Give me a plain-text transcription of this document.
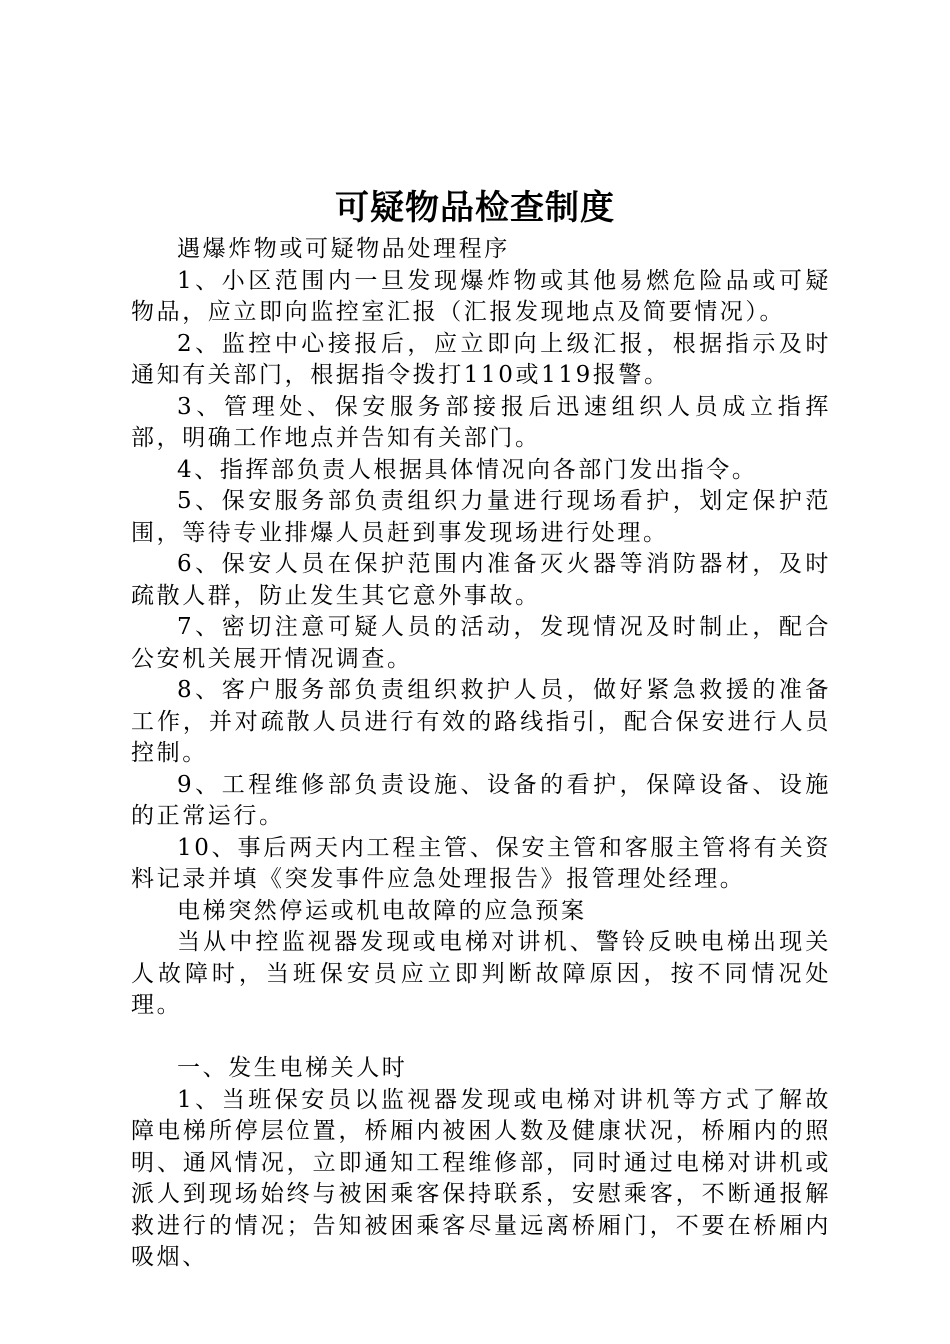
可疑物品检查制度

遇爆炸物或可疑物品处理程序

1、小区范围内一旦发现爆炸物或其他易燃危险品或可疑物品，应立即向监控室汇报（汇报发现地点及简要情况）。

2、监控中心接报后，应立即向上级汇报，根据指示及时通知有关部门，根据指令拨打110或119报警。

3、管理处、保安服务部接报后迅速组织人员成立指挥部，明确工作地点并告知有关部门。

4、指挥部负责人根据具体情况向各部门发出指令。

5、保安服务部负责组织力量进行现场看护，划定保护范围，等待专业排爆人员赶到事发现场进行处理。

6、保安人员在保护范围内准备灭火器等消防器材，及时疏散人群，防止发生其它意外事故。

7、密切注意可疑人员的活动，发现情况及时制止，配合公安机关展开情况调查。

8、客户服务部负责组织救护人员，做好紧急救援的准备工作，并对疏散人员进行有效的路线指引，配合保安进行人员控制。

9、工程维修部负责设施、设备的看护，保障设备、设施的正常运行。

10、事后两天内工程主管、保安主管和客服主管将有关资料记录并填《突发事件应急处理报告》报管理处经理。

电梯突然停运或机电故障的应急预案

当从中控监视器发现或电梯对讲机、警铃反映电梯出现关人故障时，当班保安员应立即判断故障原因，按不同情况处理。

一、发生电梯关人时

1、当班保安员以监视器发现或电梯对讲机等方式了解故障电梯所停层位置，桥厢内被困人数及健康状况，桥厢内的照明、通风情况，立即通知工程维修部，同时通过电梯对讲机或派人到现场始终与被困乘客保持联系，安慰乘客，不断通报解救进行的情况；告知被困乘客尽量远离桥厢门，不要在桥厢内吸烟、
